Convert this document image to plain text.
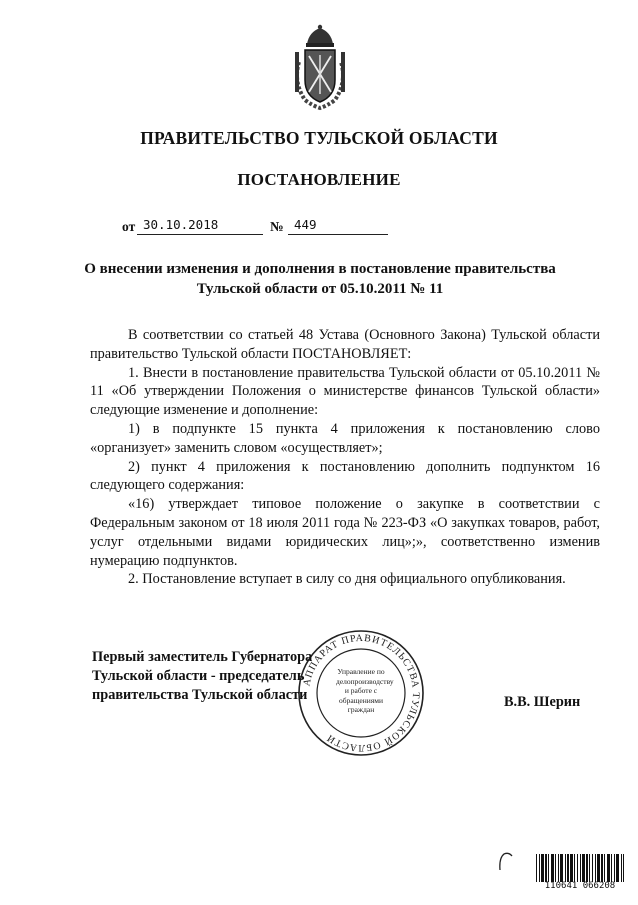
ПРАВИТЕЛЬСТВО ТУЛЬСКОЙ ОБЛАСТИ
ПОСТАНОВЛЕНИЕ
от 30.10.2018	№ 449
О внесении изменения и дополнения в постановление правительства
Тульской области от 05.10.2011 № 11

В соответствии со статьей 48 Устава (Основного Закона) Тульской области правительство Тульской области ПОСТАНОВЛЯЕТ:

1. Внести в постановление правительства Тульской области от 05.10.2011 № 11 «Об утверждении Положения о министерстве финансов Тульской области» следующие изменение и дополнение:

1) в подпункте 15 пункта 4 приложения к постановлению слово «организует» заменить словом «осуществляет»;

2) пункт 4 приложения к постановлению дополнить подпунктом 16 следующего содержания:

«16) утверждает типовое положение о закупке в соответствии с Федеральным законом от 18 июля 2011 года № 223-ФЗ «О закупках товаров, работ, услуг отдельными видами юридических лиц»;», соответственно изменив нумерацию подпунктов.

2. Постановление вступает в силу со дня официального опубликования.

АППАРАТ ПРАВИТЕЛЬСТВА ТУЛЬСКОЙ ОБЛАСТИ
Управление по делопроизводству и работе с обращениями граждан
Первый заместитель Губернатора
Тульской области - председатель
правительства Тульской области	В.В. Шерин
110641 066208
